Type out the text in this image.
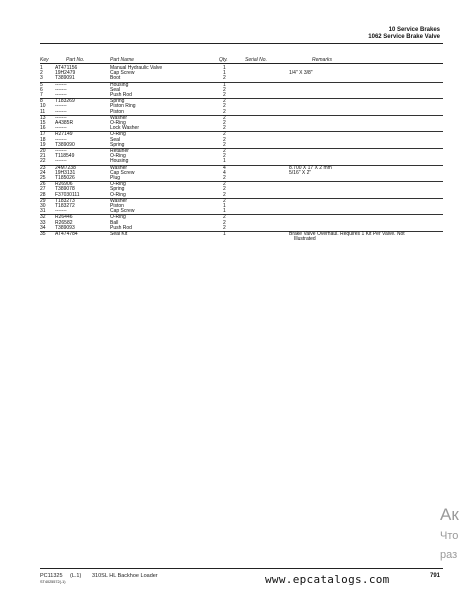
10 Service Brakes
1062 Service Brake Valve
Key	Part No.	Part Name	Qty.	Serial No.	Remarks
1	AT471156	Manual Hydraulic Valve	1		
2	19H2479	Cap Screw	1		1/4" X 3/8"
3	T389091	Boot	2		
5	-------	Housing	1		
6	-------	Seal	2		
7	-------	Push Rod	2		
8	T183269	Spring	2		
10	-------	Piston Ring	2		
11	-------	Piston	2		
13	-------	Washer	2		
15	A4385R	O-Ring	2		
16	-------	Lock Washer	2		
17	R27149	O-Ring	2		
18	-------	Seal	2		
19	T389090	Spring	2		
20	-------	Retainer	2		
21	T118549	O-Ring	2		
22	-------	Housing	1		
23	24M7238	Washer	4		8.700 X 17 X 2 mm
24	19H3131	Cap Screw	4		5/16" X 2"
25	T185026	Plug	2		
26	R26906	O-Ring	2		
27	T389078	Spring	2		
28	F37030111	O-Ring	2		
29	T183273	Washer	2		
30	T183272	Piston	1		
31	-------	Cap Screw	1		
32	R26446	O-Ring	2		
33	R26582	Ball	2		
34	T389093	Push Rod	2		
35	AT474784	Seal Kit	1		Brake Valve Overhaul. Requires 1 Kit Per Valve. Not
Illustrated
PC11325 (L.1) 310SL HL Backhoe Loader
ST4025572(-1)	www.epcatalogs.com	791
Ак
Что
раз
